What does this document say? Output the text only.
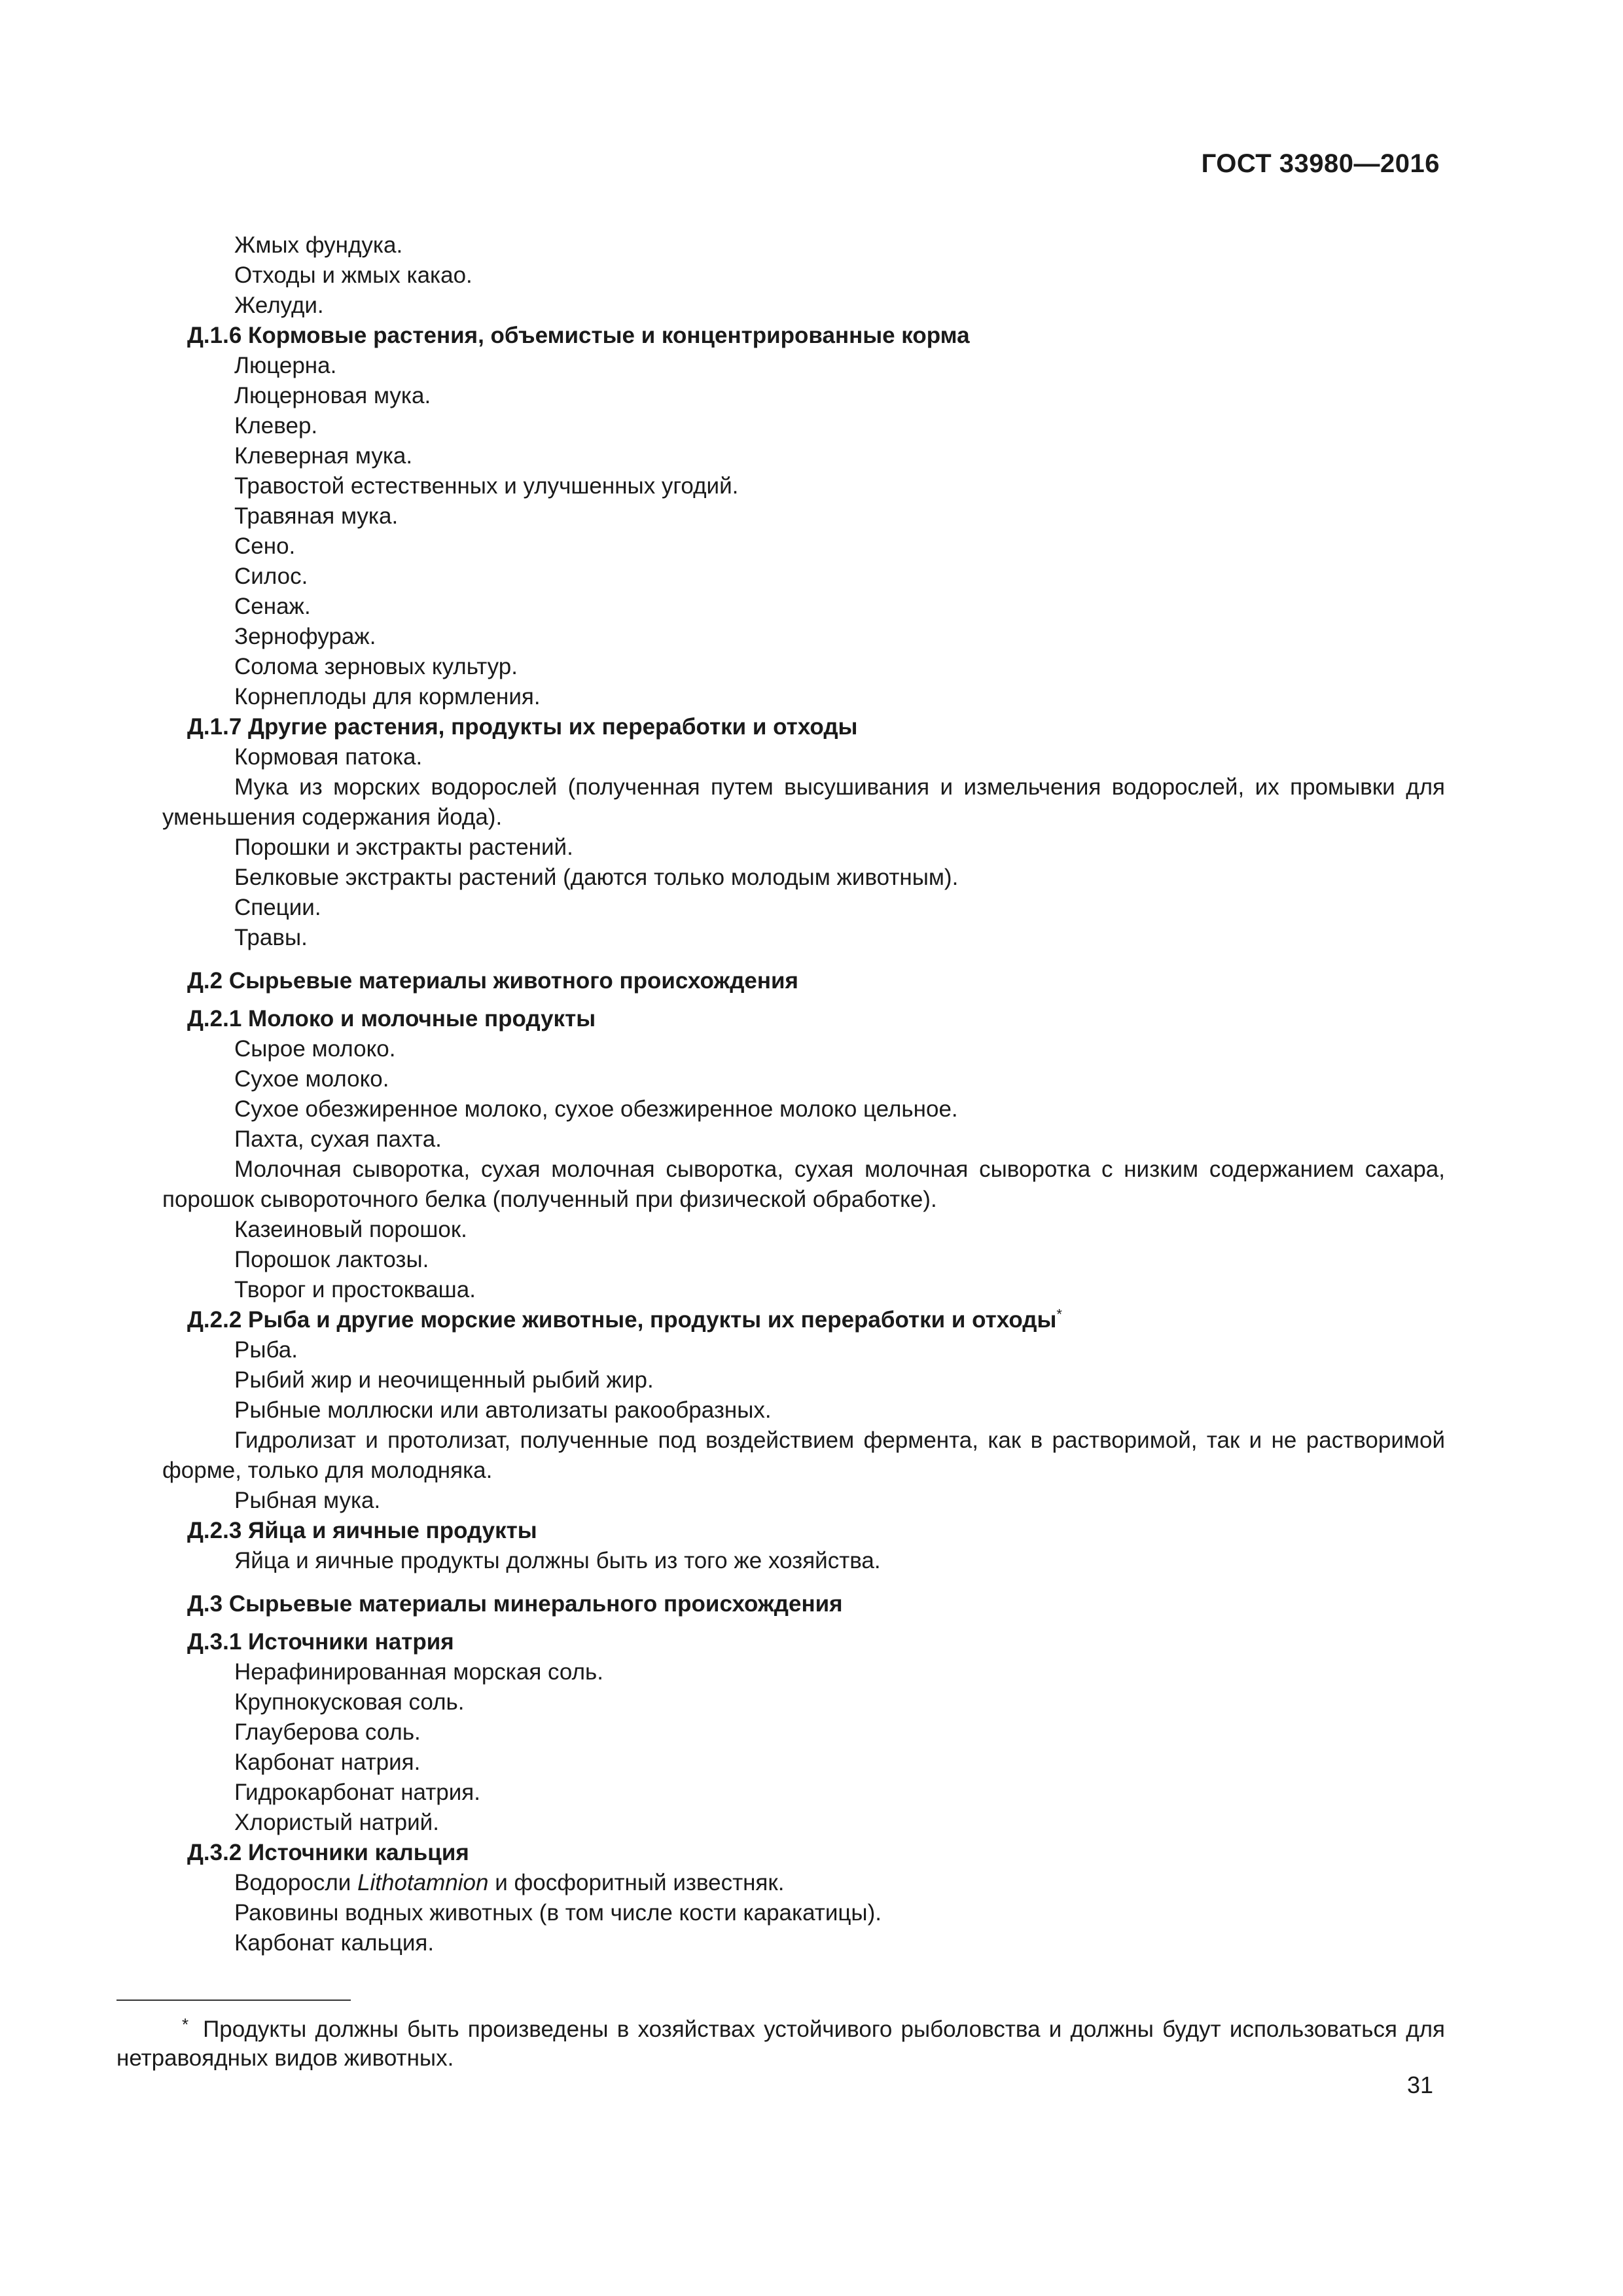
ГОСТ 33980—2016
Жмых фундука.
Отходы и жмых какао.
Желуди.
Д.1.6 Кормовые растения, объемистые и концентрированные корма
Люцерна.
Люцерновая мука.
Клевер.
Клеверная мука.
Травостой естественных и улучшенных угодий.
Травяная мука.
Сено.
Силос.
Сенаж.
Зернофураж.
Солома зерновых культур.
Корнеплоды для кормления.
Д.1.7 Другие растения, продукты их переработки и отходы
Кормовая патока.
Мука из морских водорослей (полученная путем высушивания и измельчения водорослей, их промывки для уменьшения содержания йода).
Порошки и экстракты растений.
Белковые экстракты растений (даются только молодым животным).
Специи.
Травы.
Д.2 Сырьевые материалы животного происхождения
Д.2.1 Молоко и молочные продукты
Сырое молоко.
Сухое молоко.
Сухое обезжиренное молоко, сухое обезжиренное молоко цельное.
Пахта, сухая пахта.
Молочная сыворотка, сухая молочная сыворотка, сухая молочная сыворотка с низким содержанием сахара, порошок сывороточного белка (полученный при физической обработке).
Казеиновый порошок.
Порошок лактозы.
Творог и простокваша.
Д.2.2 Рыба и другие морские животные, продукты их переработки и отходы*
Рыба.
Рыбий жир и неочищенный рыбий жир.
Рыбные моллюски или автолизаты ракообразных.
Гидролизат и протолизат, полученные под воздействием фермента, как в растворимой, так и не растворимой форме, только для молодняка.
Рыбная мука.
Д.2.3 Яйца и яичные продукты
Яйца и яичные продукты должны быть из того же хозяйства.
Д.3 Сырьевые материалы минерального происхождения
Д.3.1 Источники натрия
Нерафинированная морская соль.
Крупнокусковая соль.
Глауберова соль.
Карбонат натрия.
Гидрокарбонат натрия.
Хлористый натрий.
Д.3.2 Источники кальция
Водоросли Lithotamnion и фосфоритный известняк.
Раковины водных животных (в том числе кости каракатицы).
Карбонат кальция.
* Продукты должны быть произведены в хозяйствах устойчивого рыболовства и должны будут использоваться для нетравоядных видов животных.
31
